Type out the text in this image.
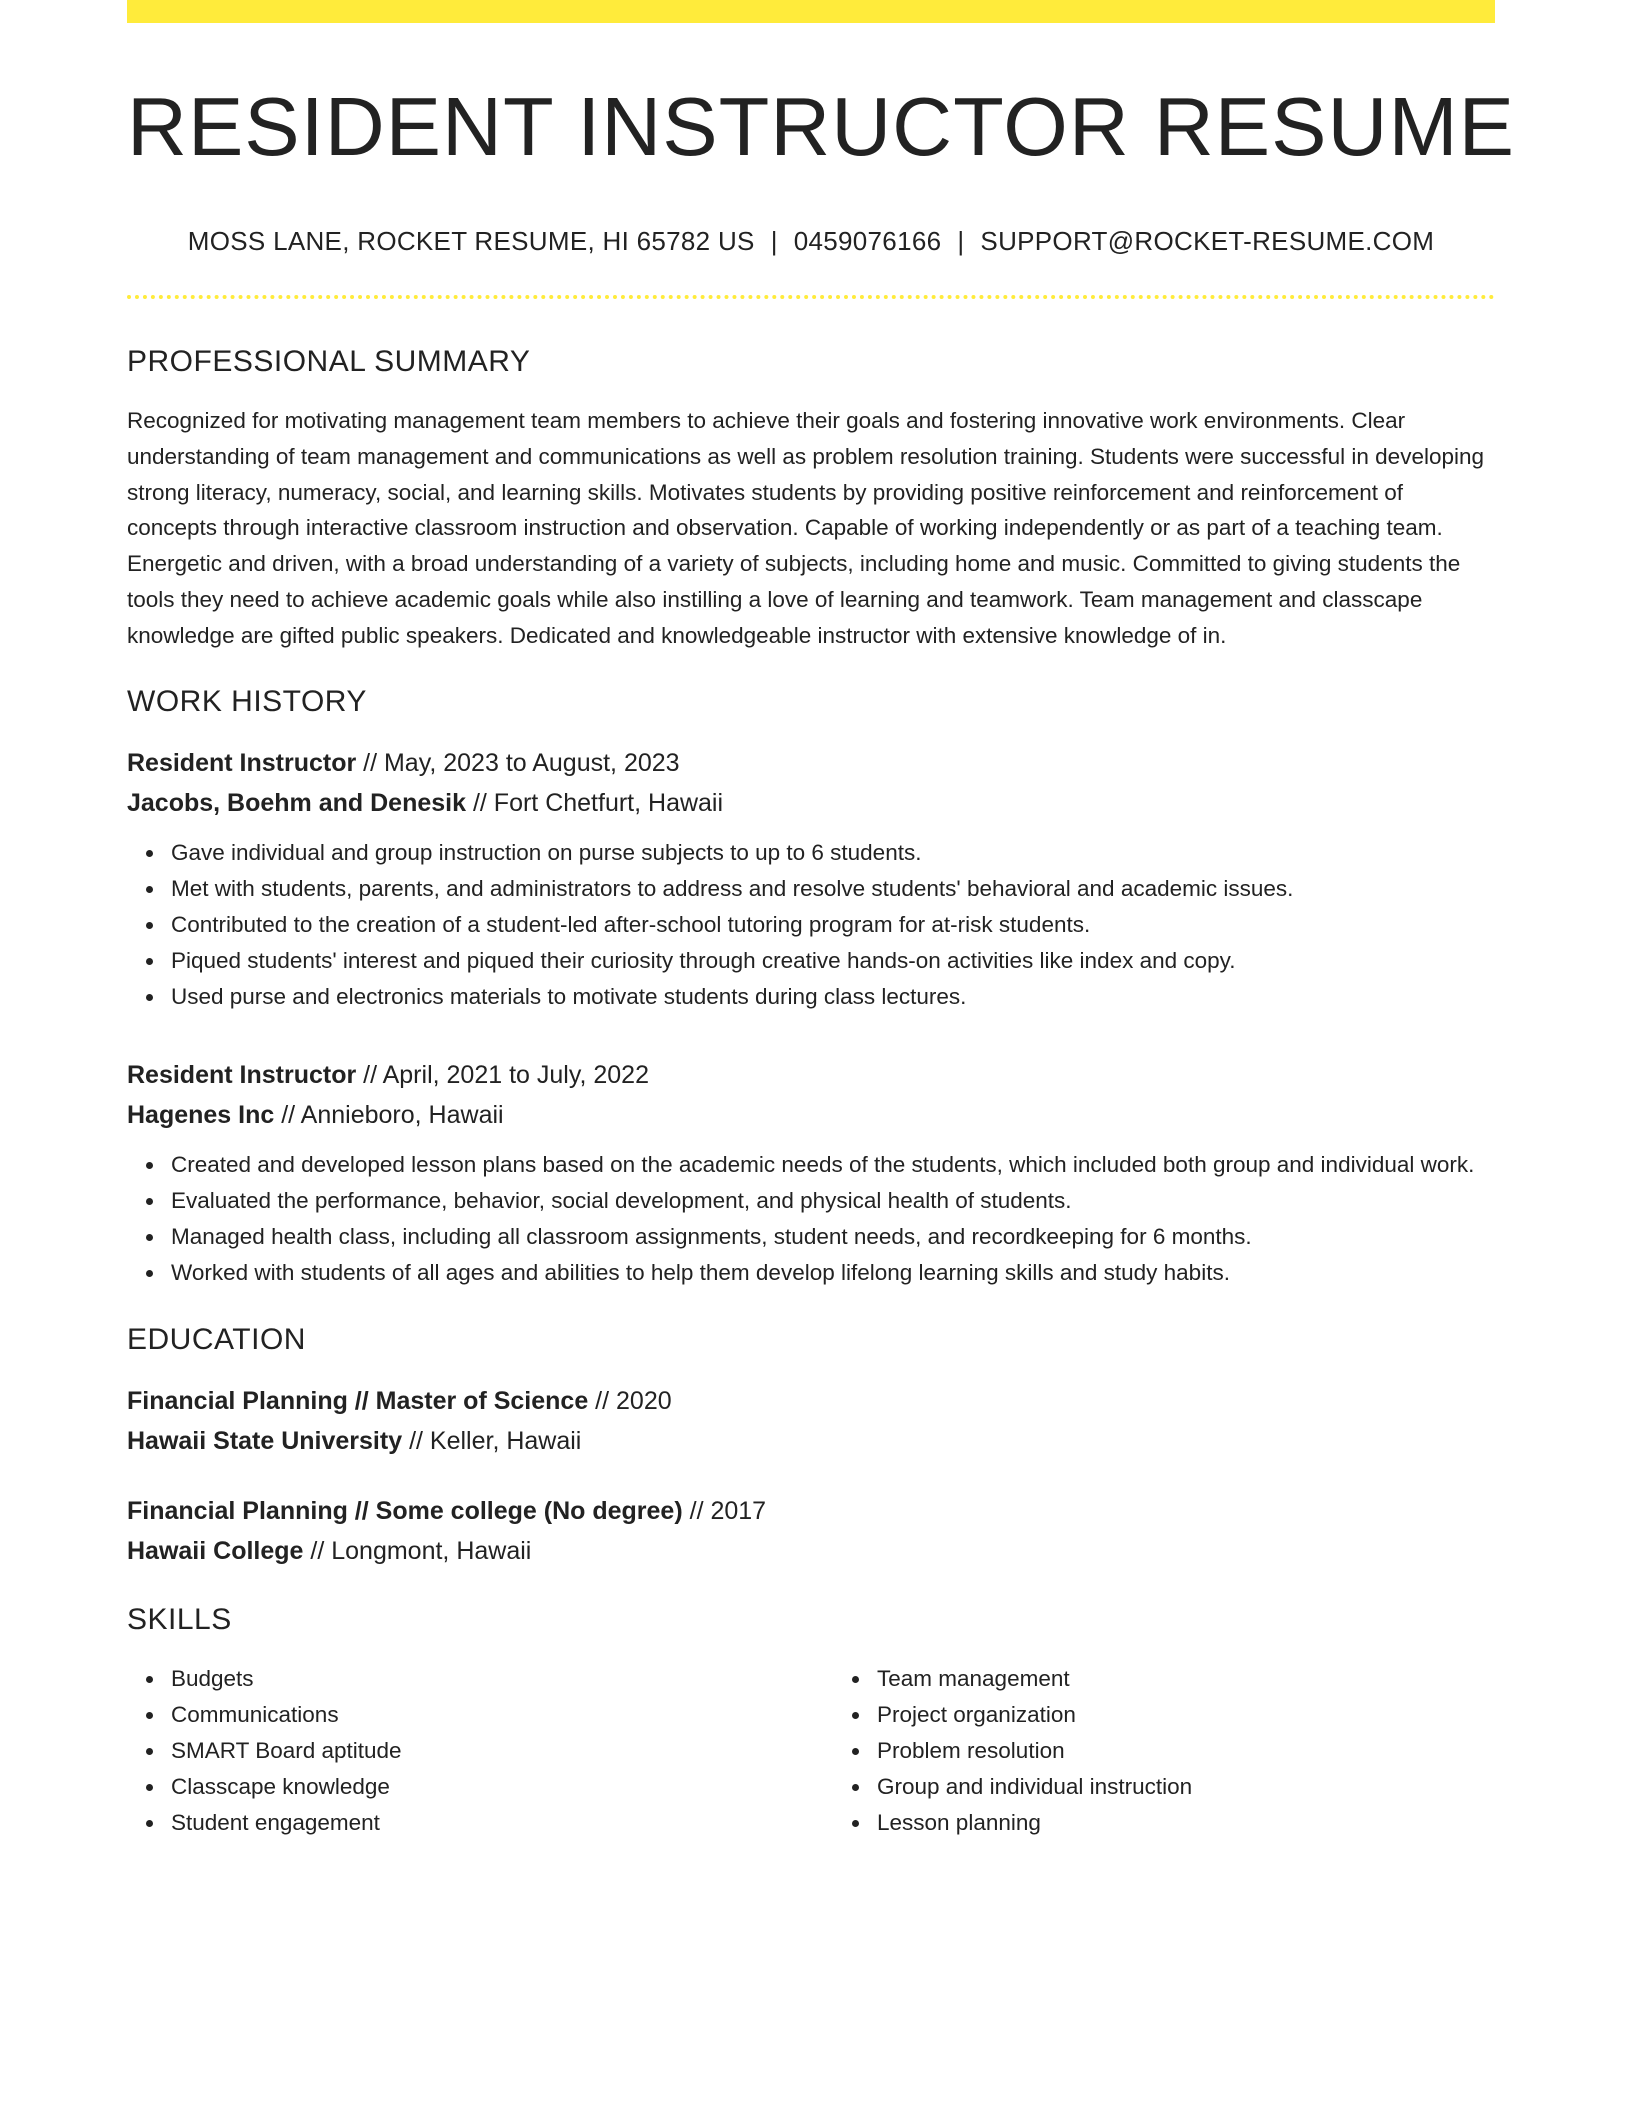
RESIDENT INSTRUCTOR RESUME
MOSS LANE, ROCKET RESUME, HI 65782 US | 0459076166 | SUPPORT@ROCKET-RESUME.COM
PROFESSIONAL SUMMARY

Recognized for motivating management team members to achieve their goals and fostering innovative work environments. Clear understanding of team management and communications as well as problem resolution training. Students were successful in developing strong literacy, numeracy, social, and learning skills. Motivates students by providing positive reinforcement and reinforcement of concepts through interactive classroom instruction and observation. Capable of working independently or as part of a teaching team. Energetic and driven, with a broad understanding of a variety of subjects, including home and music. Committed to giving students the tools they need to achieve academic goals while also instilling a love of learning and teamwork. Team management and classcape knowledge are gifted public speakers. Dedicated and knowledgeable instructor with extensive knowledge of in.

WORK HISTORY
Resident Instructor // May, 2023 to August, 2023
Jacobs, Boehm and Denesik // Fort Chetfurt, Hawaii
Gave individual and group instruction on purse subjects to up to 6 students.
Met with students, parents, and administrators to address and resolve students' behavioral and academic issues.
Contributed to the creation of a student-led after-school tutoring program for at-risk students.
Piqued students' interest and piqued their curiosity through creative hands-on activities like index and copy.
Used purse and electronics materials to motivate students during class lectures.
Resident Instructor // April, 2021 to July, 2022
Hagenes Inc // Annieboro, Hawaii
Created and developed lesson plans based on the academic needs of the students, which included both group and individual work.
Evaluated the performance, behavior, social development, and physical health of students.
Managed health class, including all classroom assignments, student needs, and recordkeeping for 6 months.
Worked with students of all ages and abilities to help them develop lifelong learning skills and study habits.
EDUCATION
Financial Planning // Master of Science // 2020
Hawaii State University // Keller, Hawaii
Financial Planning // Some college (No degree) // 2017
Hawaii College // Longmont, Hawaii
SKILLS
Budgets
Communications
SMART Board aptitude
Classcape knowledge
Student engagement
Team management
Project organization
Problem resolution
Group and individual instruction
Lesson planning
